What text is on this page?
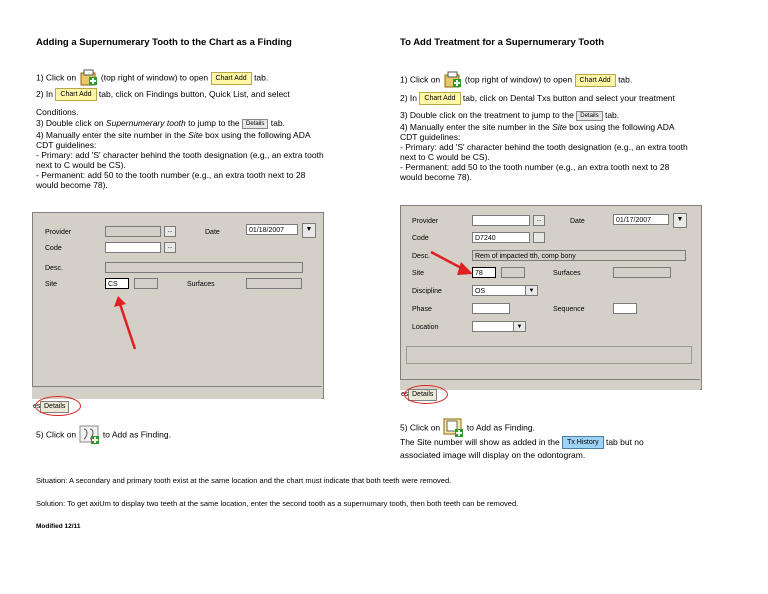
Adding a Supernumerary Tooth to the Chart as a Finding
1) Click on	(top right of window) to open Chart Add tab.
2) In Chart Add tab, click on Findings button, Quick List, and select
Conditions.
3) Double click on Supernumerary tooth to jump to the Details tab.
4) Manually enter the site number in the Site box using the following ADA
CDT guidelines:
- Primary: add 'S' character behind the tooth designation (e.g., an extra tooth
next to C would be CS).
- Permanent: add 50 to the tooth number (e.g., an extra tooth next to 28
would become 78).
Provider	...	Date	01/18/2007	▼
Code	...
Desc.
Site	CS	Surfaces
es Details
5) Click on	to Add as Finding.
To Add Treatment for a Supernumerary Tooth
1) Click on	(top right of window) to open Chart Add tab.
2) In Chart Add tab, click on Dental Txs button and select your treatment
3) Double click on the treatment to jump to the Details tab.
4) Manually enter the site number in the Site box using the following ADA
CDT guidelines:
- Primary: add 'S' character behind the tooth designation (e.g., an extra tooth
next to C would be CS).
- Permanent: add 50 to the tooth number (e.g., an extra tooth next to 28
would become 78).
Provider	...	Date	01/17/2007	▼
Code	D7240
Desc.	Rem of impacted tth, comp bony
Site	78	Surfaces
Discipline	OS	▼
Phase	Sequence
Location	▼
es Details
5) Click on	to Add as Finding.
The Site number will show as added in the Tx History tab but no
associated image will display on the odontogram.
Situation: A secondary and primary tooth exist at the same location and the chart must indicate that both teeth were removed.
Solution: To get axiUm to display two teeth at the same location, enter the second tooth as a supernumary tooth, then both teeth can be removed.
Modified 12/11
